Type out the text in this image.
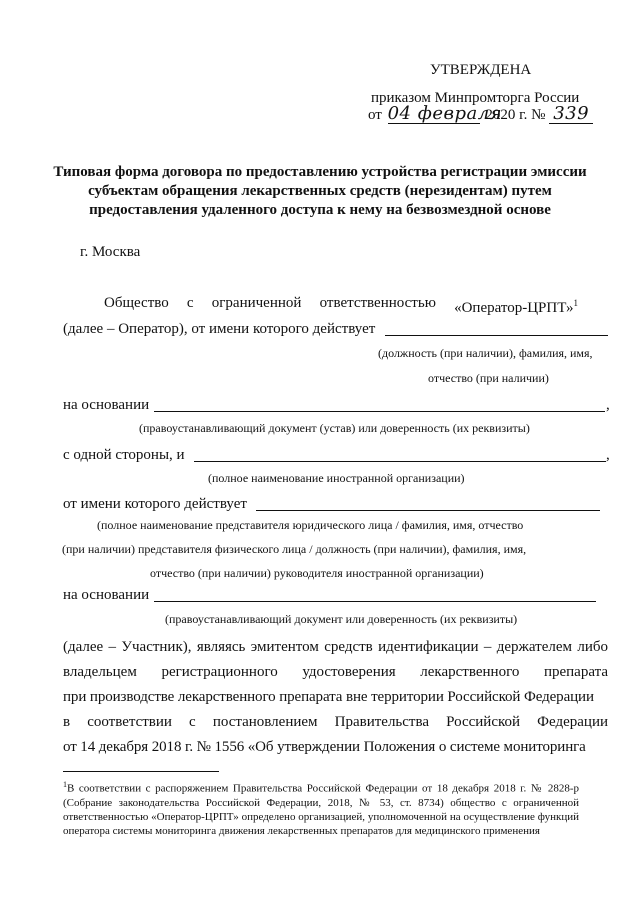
УТВЕРЖДЕНА
приказом Минпромторга России
от 04 февраля 2020 г. № 339
Типовая форма договора по предоставлению устройства регистрации эмиссии
субъектам обращения лекарственных средств (нерезидентам) путем
предоставления удаленного доступа к нему на безвозмездной основе
г. Москва
Общество с ограниченной ответственностью «Оператор-ЦРПТ»$^1$
(далее – Оператор), от имени которого действует
(должность (при наличии), фамилия, имя,
отчество (при наличии)
на основании	,
(правоустанавливающий документ (устав) или доверенность (их реквизиты)
с одной стороны, и	,
(полное наименование иностранной организации)
от имени которого действует
(полное наименование представителя юридического лица / фамилия, имя, отчество
(при наличии) представителя физического лица / должность (при наличии), фамилия, имя,
отчество (при наличии) руководителя иностранной организации)
на основании
(правоустанавливающий документ или доверенность (их реквизиты)
(далее – Участник), являясь эмитентом средств идентификации – держателем либо
владельцем регистрационного удостоверения лекарственного препарата
при производстве лекарственного препарата вне территории Российской Федерации
в соответствии с постановлением Правительства Российской Федерации
от 14 декабря 2018 г. № 1556 «Об утверждении Положения о системе мониторинга
$^1$В соответствии с распоряжением Правительства Российской Федерации от 18 декабря 2018 г. № 2828-р (Собрание законодательства Российской Федерации, 2018, № 53, ст. 8734) общество с ограниченной ответственностью «Оператор-ЦРПТ» определено организацией, уполномоченной на осуществление функций оператора системы мониторинга движения лекарственных препаратов для медицинского применения
